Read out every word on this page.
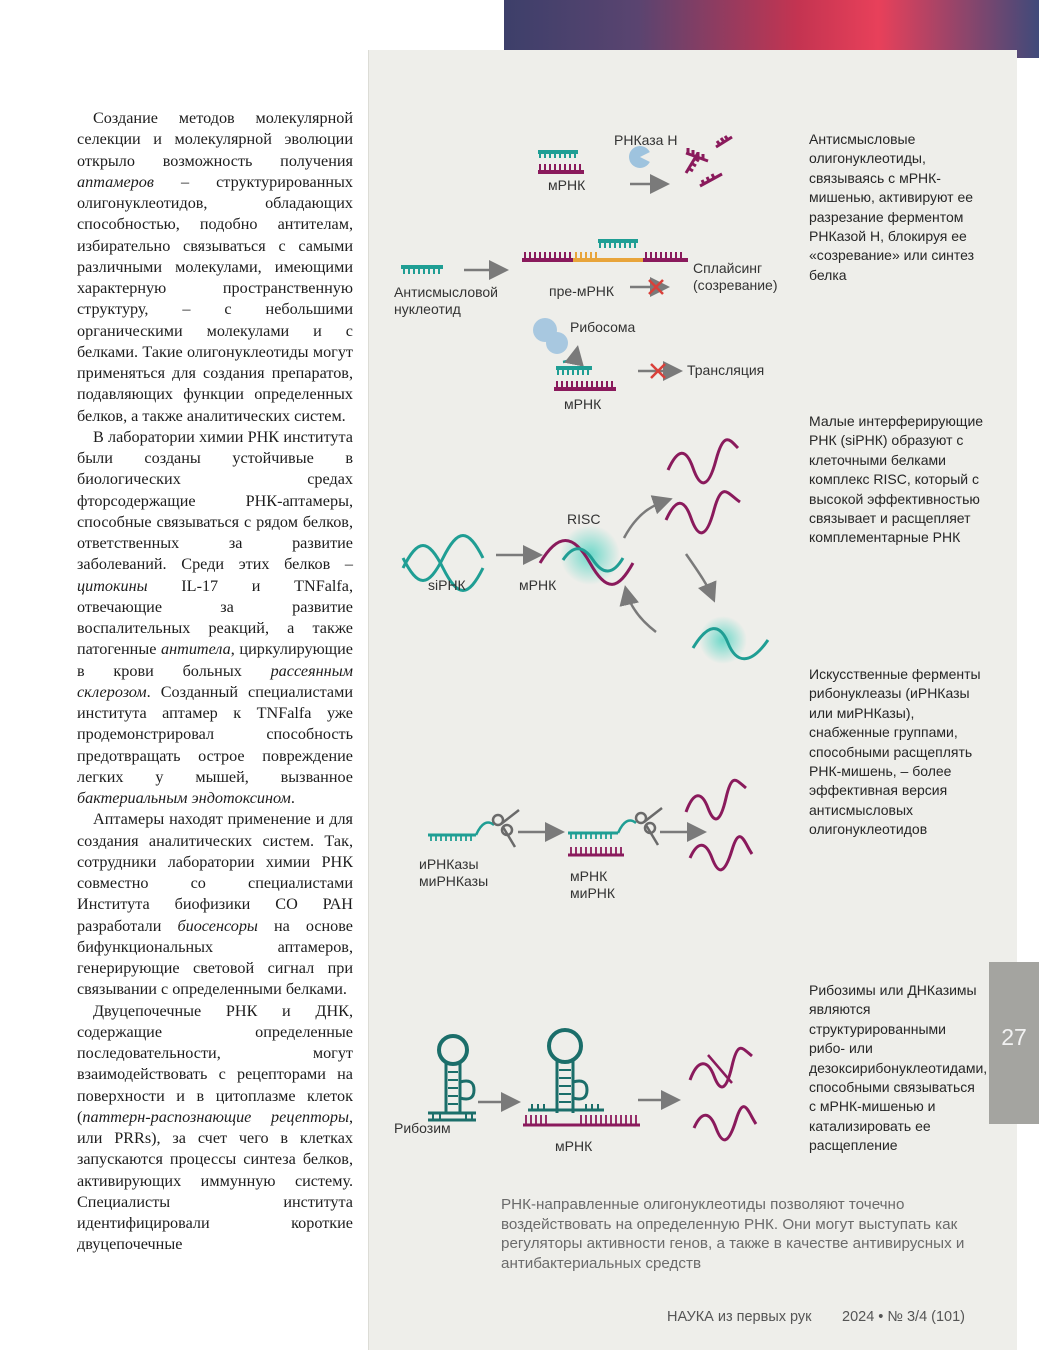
Создание методов молекулярной селекции и молекулярной эволюции открыло возможность получения аптамеров – структурированных олигонуклеотидов, обладающих способностью, подобно антителам, избирательно связываться с самыми различными молекулами, имеющими характерную пространственную структуру, – с небольшими органическими молекулами и с белками. Такие олигонуклеотиды могут применяться для создания препаратов, подавляющих функции определенных белков, а также аналитических систем.

В лаборатории химии РНК института были созданы устойчивые в биологических средах фторсодержащие РНК-аптамеры, способные связываться с рядом белков, ответственных за развитие заболеваний. Среди этих белков – цитокины IL-17 и TNFalfa, отвечающие за развитие воспалительных реакций, а также патогенные антитела, циркулирующие в крови больных рассеянным склерозом. Созданный специалистами института аптамер к TNFalfa уже продемонстрировал способность предотвращать острое повреждение легких у мышей, вызванное бактериальным эндотоксином.

Аптамеры находят применение и для создания аналитических систем. Так, сотрудники лаборатории химии РНК совместно со специалистами Института биофизики СО РАН разработали биосенсоры на основе бифункциональных аптамеров, генерирующие световой сигнал при связывании с определенными белками.

Двуцепочечные РНК и ДНК, содержащие определенные последовательности, могут взаимодействовать с рецепторами на поверхности и в цитоплазме клеток (паттерн-распознающие рецепторы, или PRRs), за счет чего в клетках запускаются процессы синтеза белков, активирующих иммунную систему. Специалисты института идентифицировали короткие двуцепочечные

РНКаза H
мРНК
Антисмысловой нуклеотид
пре-мРНК
Сплайсинг (созревание)
Рибосома
Трансляция
мРНК
RISC
siРНК	мРНК
иРНКазы миРНКазы	мРНК миРНК
Рибозим
мРНК
Антисмысловые олигонуклеотиды, связываясь с мРНК-мишенью, активируют ее разрезание ферментом РНКазой H, блокируя ее «созревание» или синтез белка
Малые интерферирующие РНК (siРНК) образуют с клеточными белками комплекс RISC, который с высокой эффективностью связывает и расщепляет комплементарные РНК
Искусственные ферменты рибонуклеазы (иРНКазы или миРНКазы), снабженные группами, способными расщеплять РНК-мишень, – более эффективная версия антисмысловых олигонуклеотидов
Рибозимы или ДНКазимы являются структурированными рибо- или дезоксирибонуклеотидами, способными связываться с мРНК-мишенью и катализировать ее расщепление
РНК-направленные олигонуклеотиды позволяют точечно воздействовать на определенную РНК. Они могут выступать как регуляторы активности генов, а также в качестве антивирусных и антибактериальных средств
НАУКА из первых рук 2024 • № 3/4 (101)
27
